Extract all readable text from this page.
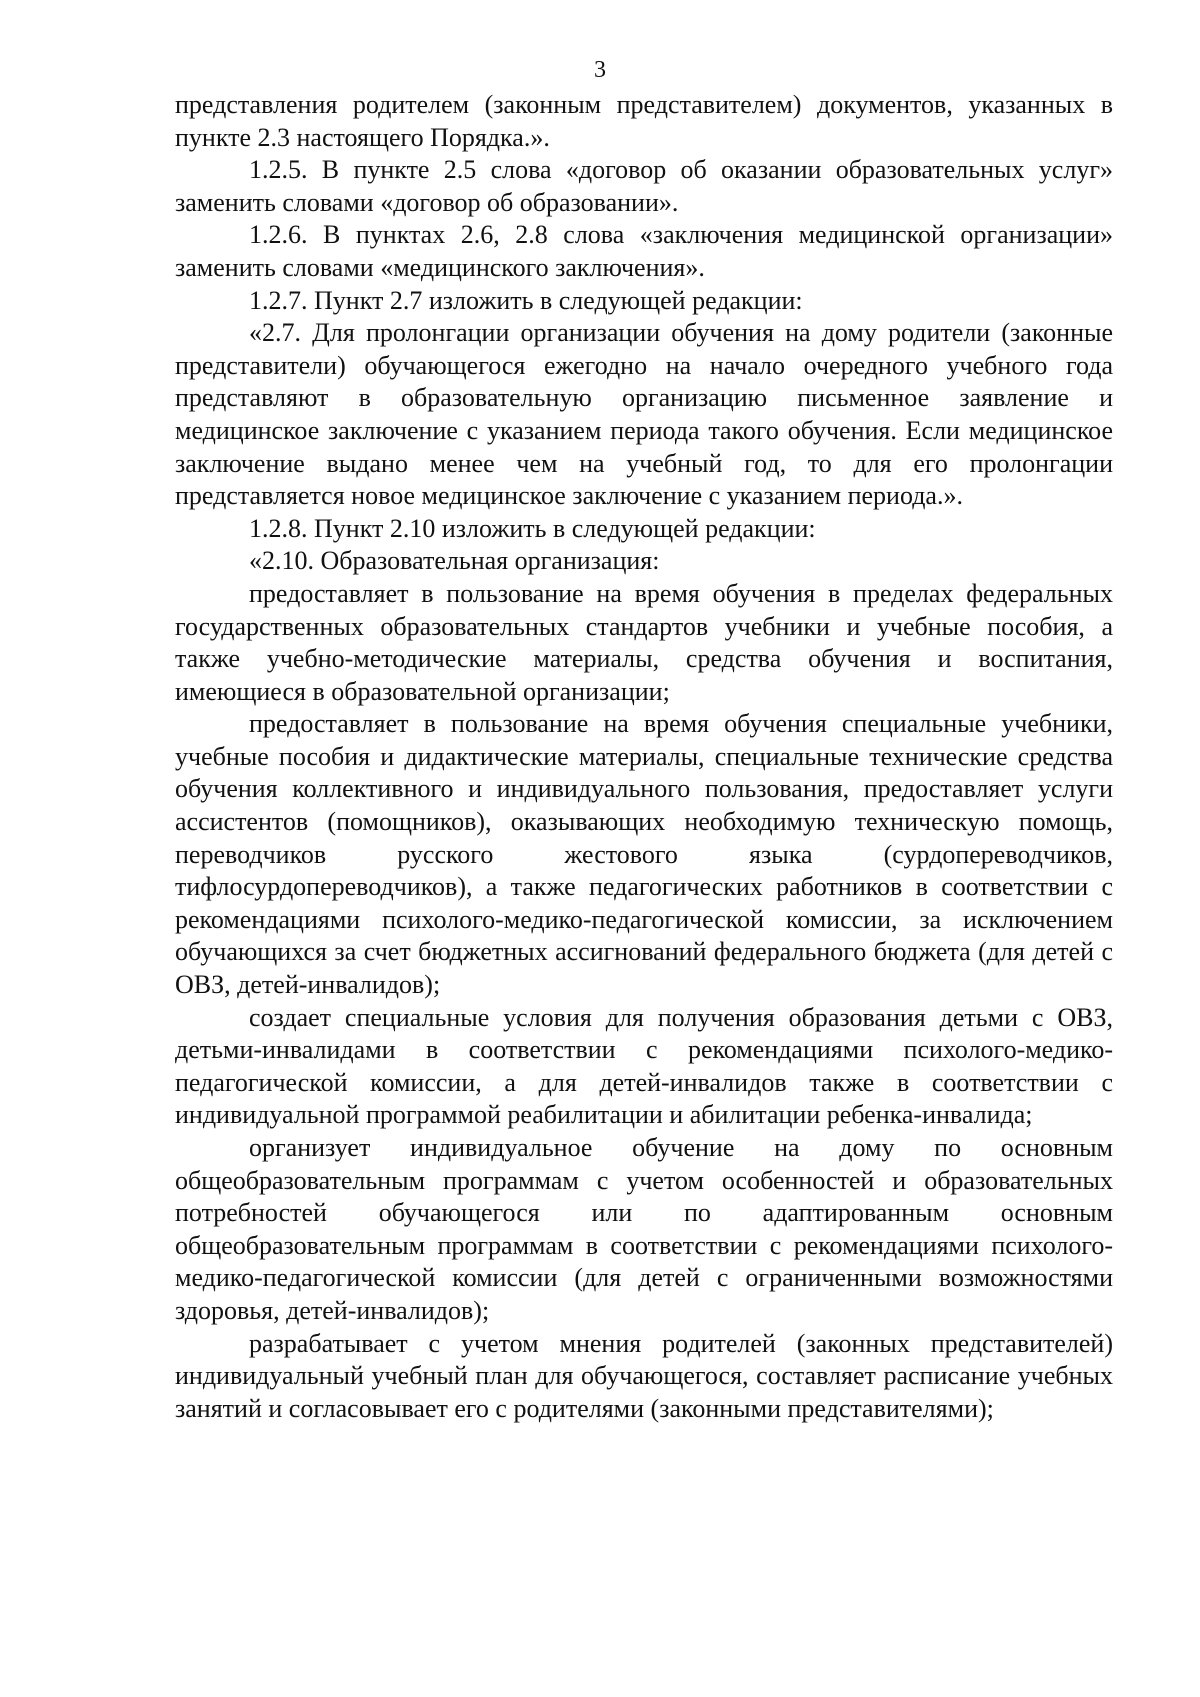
3

представления родителем (законным представителем) документов, указанных в пункте 2.3 настоящего Порядка.».

1.2.5. В пункте 2.5 слова «договор об оказании образовательных услуг» заменить словами «договор об образовании».

1.2.6. В пунктах 2.6, 2.8 слова «заключения медицинской организации» заменить словами «медицинского заключения».

1.2.7. Пункт 2.7 изложить в следующей редакции:

«2.7. Для пролонгации организации обучения на дому родители (законные представители) обучающегося ежегодно на начало очередного учебного года представляют в образовательную организацию письменное заявление и медицинское заключение с указанием периода такого обучения. Если медицинское заключение выдано менее чем на учебный год, то для его пролонгации представляется новое медицинское заключение с указанием периода.».

1.2.8. Пункт 2.10 изложить в следующей редакции:

«2.10. Образовательная организация:

предоставляет в пользование на время обучения в пределах федеральных государственных образовательных стандартов учебники и учебные пособия, а также учебно-методические материалы, средства обучения и воспитания, имеющиеся в образовательной организации;

предоставляет в пользование на время обучения специальные учебники, учебные пособия и дидактические материалы, специальные технические средства обучения коллективного и индивидуального пользования, предоставляет услуги ассистентов (помощников), оказывающих необходимую техническую помощь, переводчиков русского жестового языка (сурдопереводчиков, тифлосурдопереводчиков), а также педагогических работников в соответствии с рекомендациями психолого-медико-педагогической комиссии, за исключением обучающихся за счет бюджетных ассигнований федерального бюджета (для детей с ОВЗ, детей-инвалидов);

создает специальные условия для получения образования детьми с ОВЗ, детьми-инвалидами в соответствии с рекомендациями психолого-медико-педагогической комиссии, а для детей-инвалидов также в соответствии с индивидуальной программой реабилитации и абилитации ребенка-инвалида;

организует индивидуальное обучение на дому по основным общеобразовательным программам с учетом особенностей и образовательных потребностей обучающегося или по адаптированным основным общеобразовательным программам в соответствии с рекомендациями психолого-медико-педагогической комиссии (для детей с ограниченными возможностями здоровья, детей-инвалидов);

разрабатывает с учетом мнения родителей (законных представителей) индивидуальный учебный план для обучающегося, составляет расписание учебных занятий и согласовывает его с родителями (законными представителями);
